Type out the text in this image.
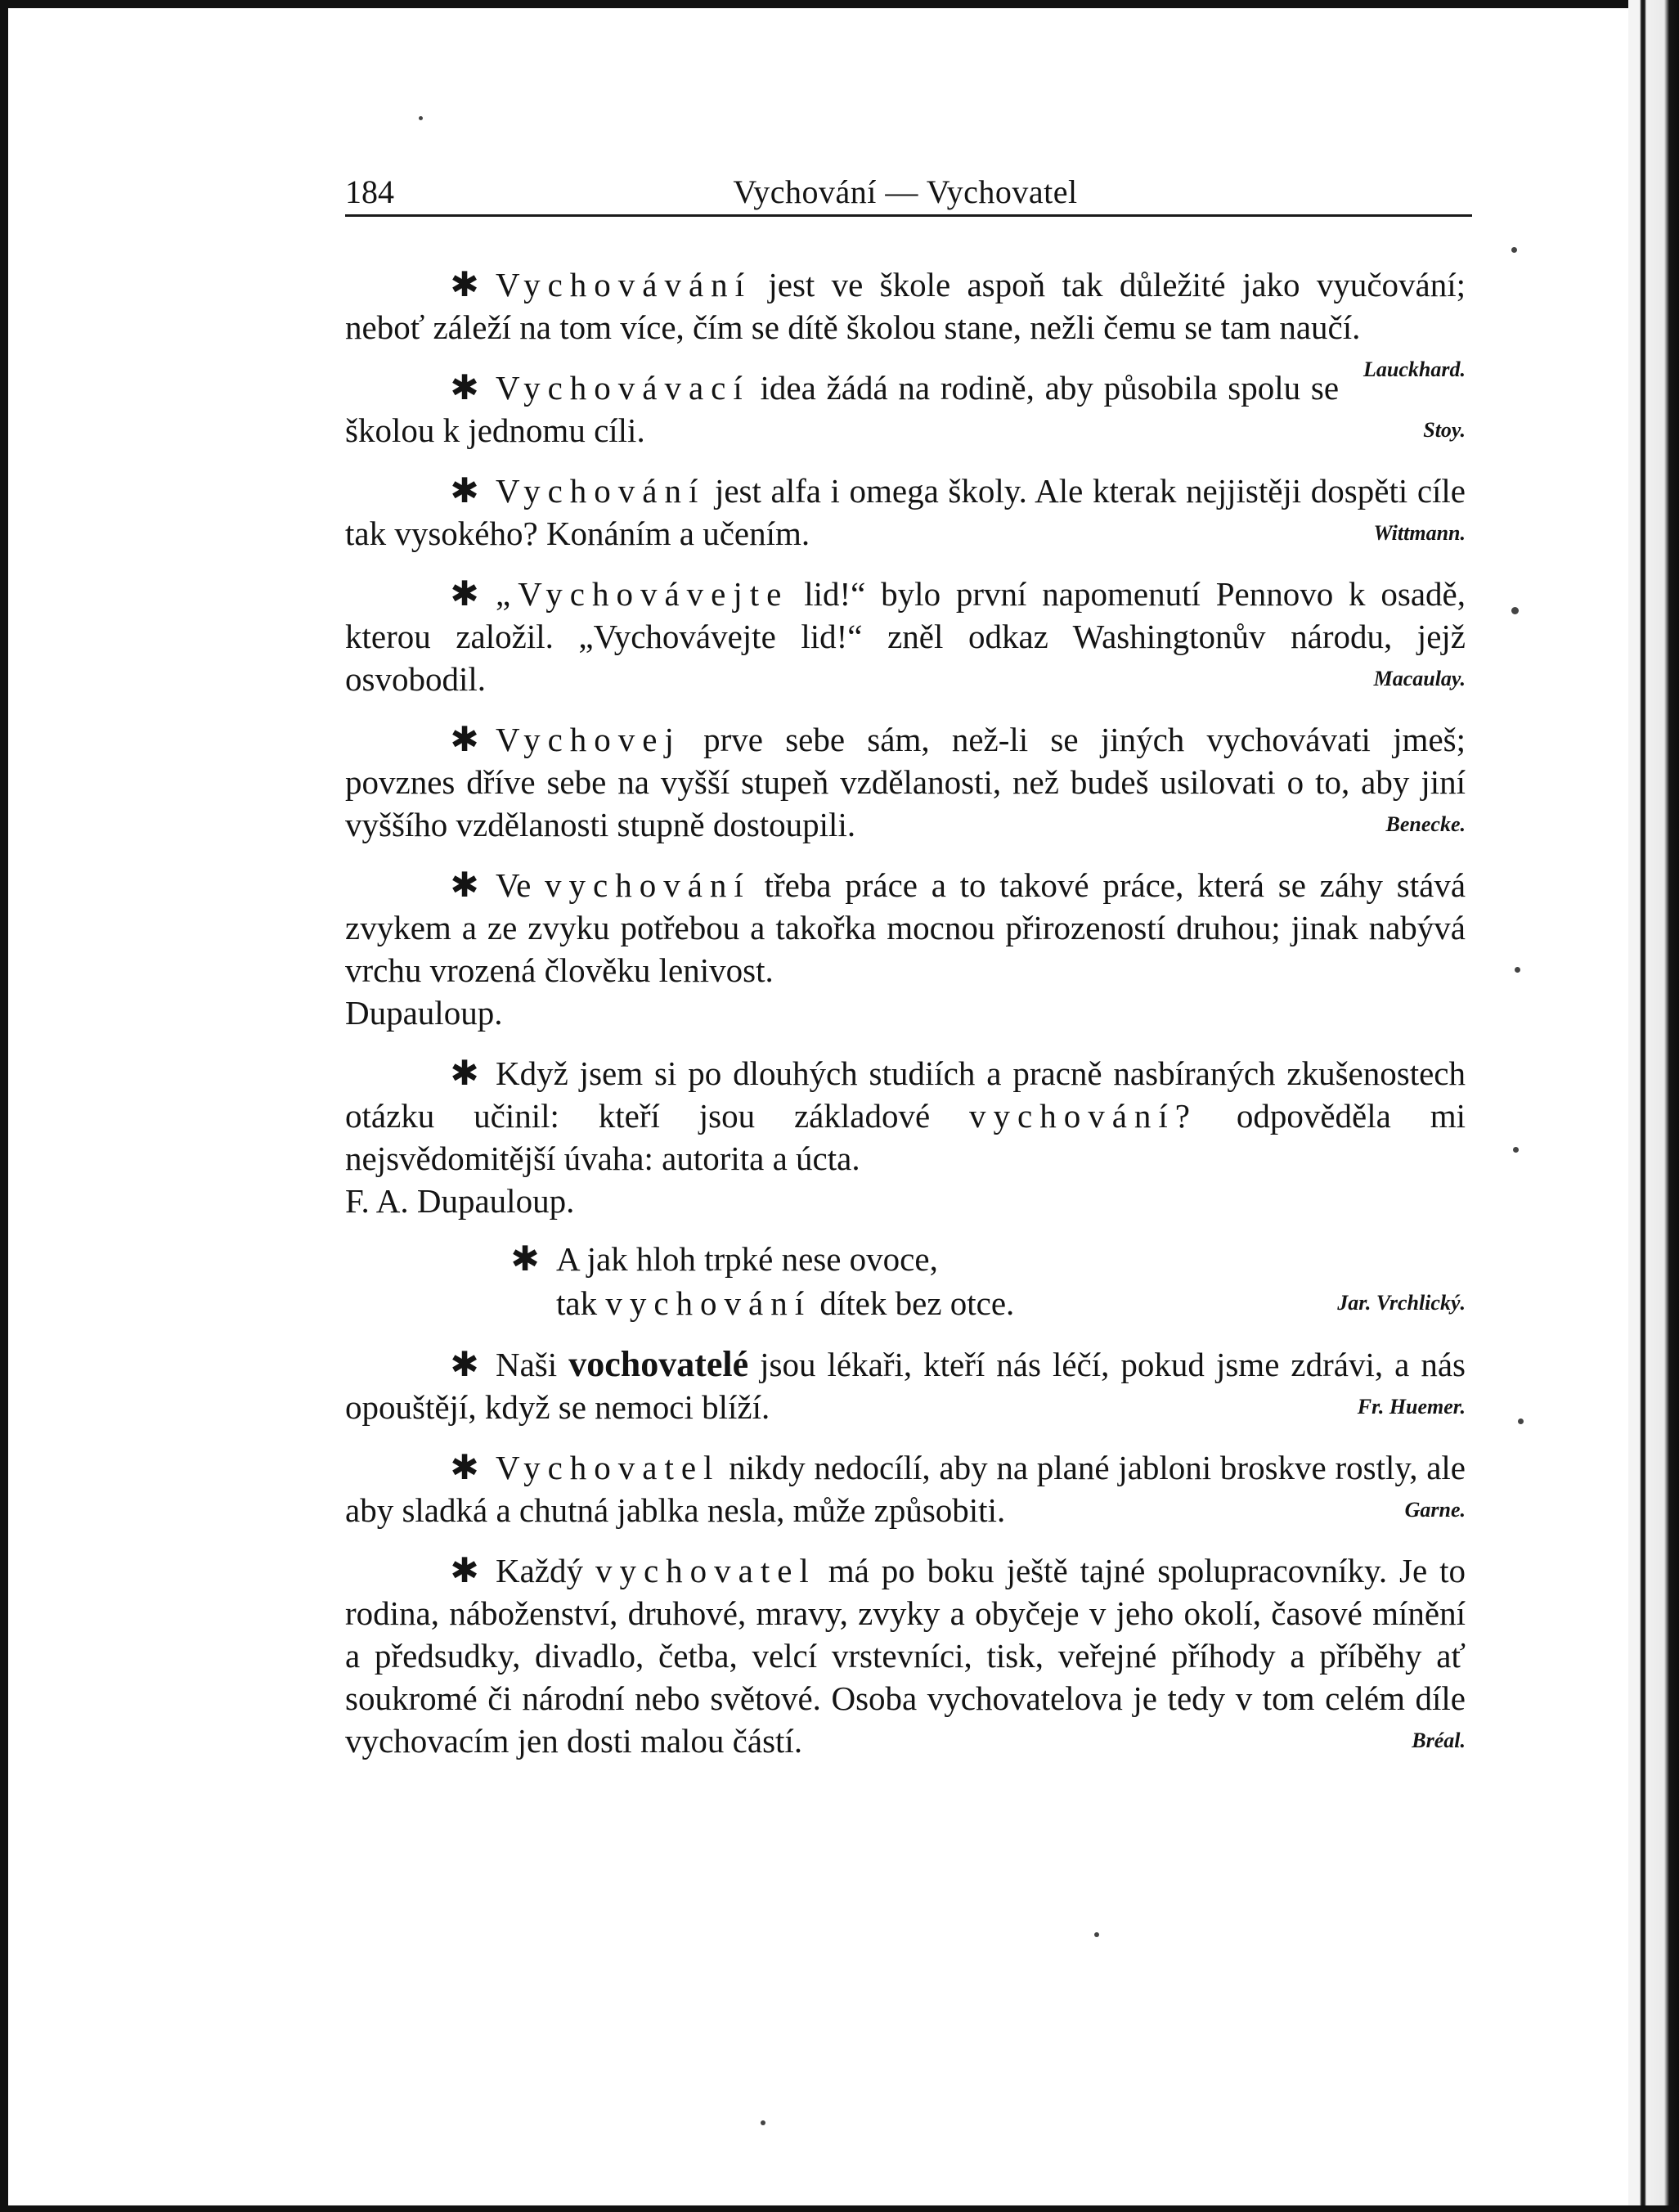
184	Vychování — Vychovatel

✱ Vychovávání jest ve škole aspoň tak důležité jako vyučování; neboť záleží na tom více, čím se dítě školou stane, nežli čemu se tam naučí.
Lauckhard.

✱ Vychovávací idea žádá na rodině, aby působila spolu se školou k jednomu cíli.	Stoy.

✱ Vychování jest alfa i omega školy. Ale kterak nejjistěji dospěti cíle tak vysokého? Konáním a učením.	Wittmann.

✱ „Vychovávejte lid!“ bylo první napomenutí Pennovo k osadě, kterou založil. „Vychovávejte lid!“ zněl odkaz Washingtonův národu, jejž osvobodil.	Macaulay.

✱ Vychovej prve sebe sám, než-li se jiných vychovávati jmeš; povznes dříve sebe na vyšší stupeň vzdělanosti, než budeš usilovati o to, aby jiní vyššího vzdělanosti stupně dostoupili.	Benecke.

✱ Ve vychování třeba práce a to takové práce, která se záhy stává zvykem a ze zvyku potřebou a takořka mocnou přirozeností druhou; jinak nabývá vrchu vrozená člověku lenivost.

Dupauloup.

✱ Když jsem si po dlouhých studiích a pracně nasbíraných zkušenostech otázku učinil: kteří jsou základové vychování? odpověděla mi nejsvědomitější úvaha: autorita a úcta.

F. A. Dupauloup.
✱ A jak hloh trpké nese ovoce,
tak vychování dítek bez otce.	Jar. Vrchlický.

✱ Naši vochovatelé jsou lékaři, kteří nás léčí, pokud jsme zdrávi, a nás opouštějí, když se nemoci blíží.	Fr. Huemer.

✱ Vychovatel nikdy nedocílí, aby na plané jabloni broskve rostly, ale aby sladká a chutná jablka nesla, může způsobiti.	Garne.

✱ Každý vychovatel má po boku ještě tajné spolupracovníky. Je to rodina, náboženství, druhové, mravy, zvyky a obyčeje v jeho okolí, časové mínění a předsudky, divadlo, četba, velcí vrstevníci, tisk, veřejné příhody a příběhy ať soukromé či národní nebo světové. Osoba vychovatelova je tedy v tom celém díle vychovacím jen dosti malou částí.	Bréal.
